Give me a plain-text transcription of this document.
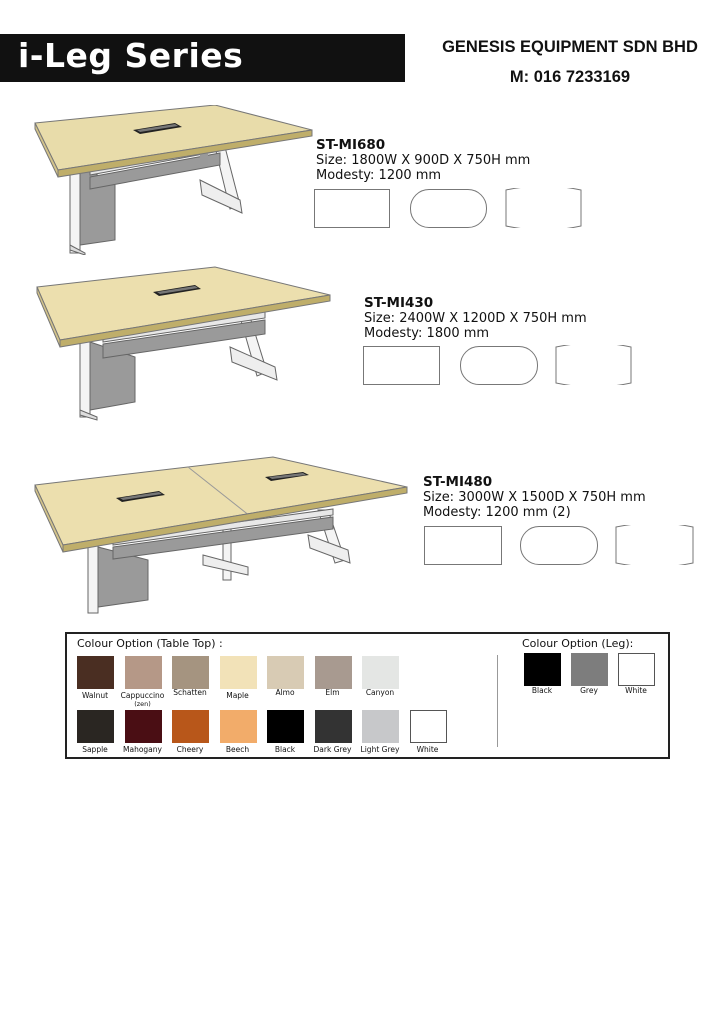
i-Leg Series	GENESIS EQUIPMENT SDN BHD
M: 016 7233169
ST-MI680
Size: 1800W X 900D X 750H mm
Modesty: 1200 mm
ST-MI430
Size: 2400W X 1200D X 750H mm
Modesty: 1800 mm
ST-MI480
Size: 3000W X 1500D X 750H mm
Modesty: 1200 mm (2)
Colour Option (Table Top) :	Colour Option (Leg):
Walnut	Cappuccino
(zen)
Schatten	Maple	Almo	Elm	Canyon
Sapple	Mahogany	Cheery	Beech	Black	Dark Grey	Light Grey	White
Black	Grey	White
